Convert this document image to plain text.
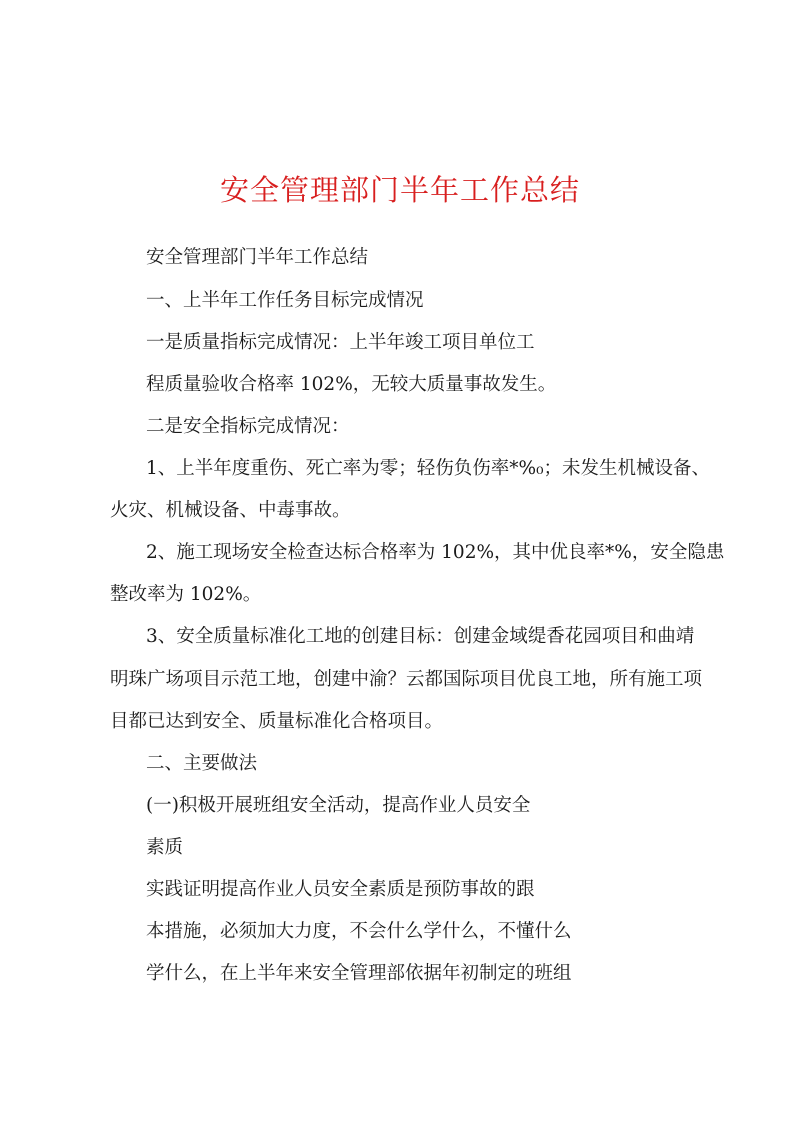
安全管理部门半年工作总结

安全管理部门半年工作总结

一、上半年工作任务目标完成情况

一是质量指标完成情况：上半年竣工项目单位工

程质量验收合格率 102%，无较大质量事故发生。

二是安全指标完成情况：

1、上半年度重伤、死亡率为零；轻伤负伤率*%₀；未发生机械设备、

火灾、机械设备、中毒事故。

2、施工现场安全检查达标合格率为 102%，其中优良率*%，安全隐患

整改率为 102%。

3、安全质量标准化工地的创建目标：创建金域缇香花园项目和曲靖

明珠广场项目示范工地，创建中渝？云都国际项目优良工地，所有施工项

目都已达到安全、质量标准化合格项目。

二、主要做法

(一)积极开展班组安全活动，提高作业人员安全

素质

实践证明提高作业人员安全素质是预防事故的跟

本措施，必须加大力度，不会什么学什么，不懂什么

学什么，在上半年来安全管理部依据年初制定的班组
